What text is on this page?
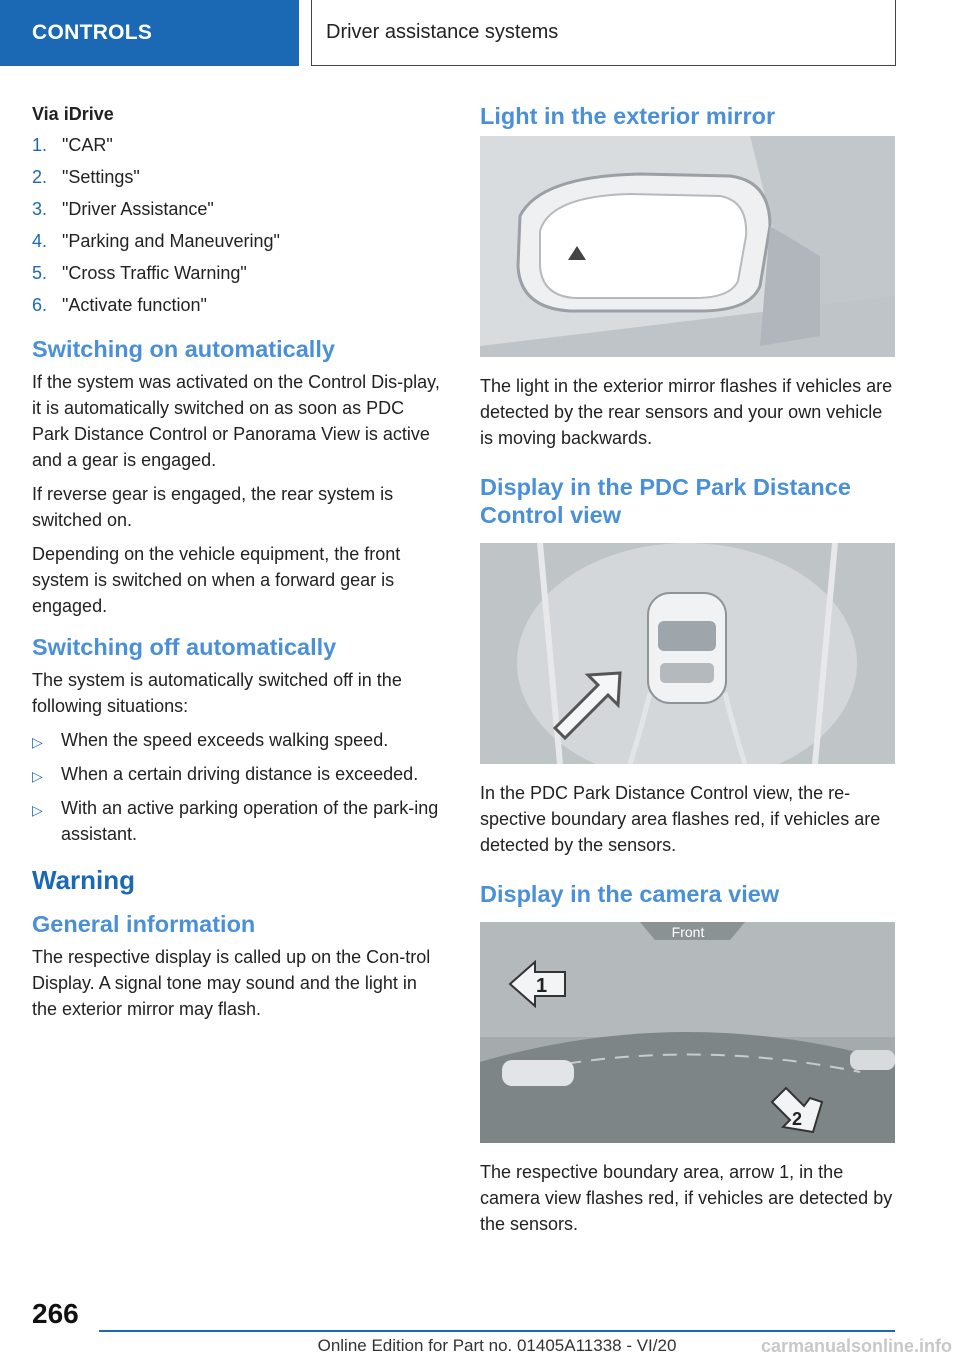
CONTROLS	Driver assistance systems
Via iDrive
1. "CAR"
2. "Settings"
3. "Driver Assistance"
4. "Parking and Maneuvering"
5. "Cross Traffic Warning"
6. "Activate function"
Switching on automatically

If the system was activated on the Control Dis-play, it is automatically switched on as soon as PDC Park Distance Control or Panorama View is active and a gear is engaged.

If reverse gear is engaged, the rear system is switched on.

Depending on the vehicle equipment, the front system is switched on when a forward gear is engaged.

Switching off automatically

The system is automatically switched off in the following situations:

▷	When the speed exceeds walking speed.
▷	When a certain driving distance is exceeded.
▷	With an active parking operation of the park-ing assistant.
Warning
General information

The respective display is called up on the Con-trol Display. A signal tone may sound and the light in the exterior mirror may flash.

Light in the exterior mirror

The light in the exterior mirror flashes if vehicles are detected by the rear sensors and your own vehicle is moving backwards.

Display in the PDC Park Distance Control view

In the PDC Park Distance Control view, the re-spective boundary area flashes red, if vehicles are detected by the sensors.

Display in the camera view
Front
1
2

The respective boundary area, arrow 1, in the camera view flashes red, if vehicles are detected by the sensors.

266
Online Edition for Part no. 01405A11338 - VI/20	carmanualsonline.info
